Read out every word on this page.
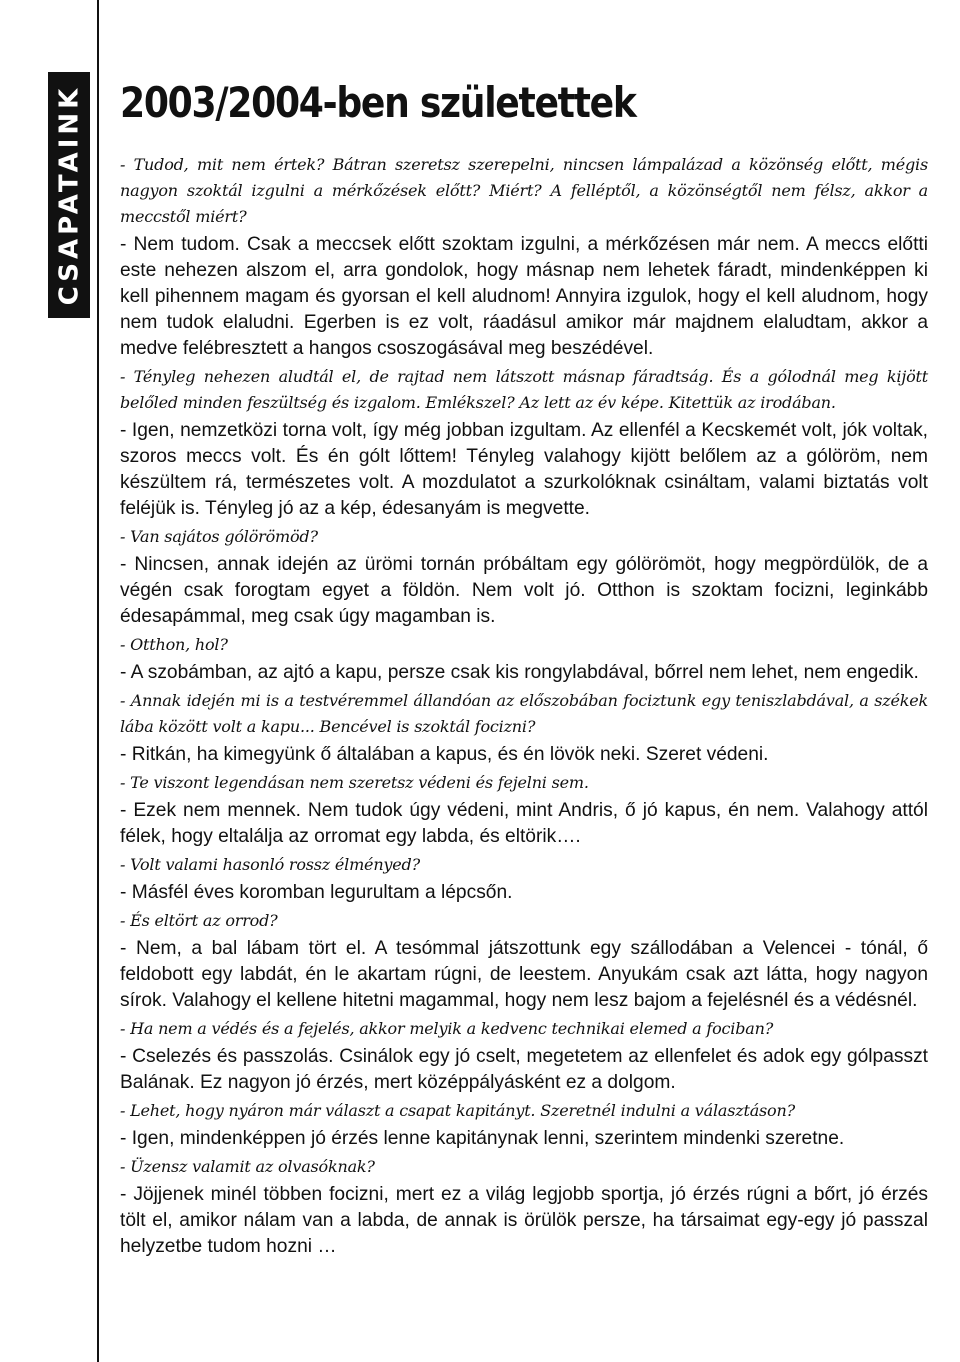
CSAPATAINK 2003/2004-ben születettek

- Tudod, mit nem értek? Bátran szeretsz szerepelni, nincsen lámpalázad a közönség előtt, mégis nagyon szoktál izgulni a mérkőzések előtt? Miért? A felléptől, a közönségtől nem félsz, akkor a meccstől miért?

- Nem tudom. Csak a meccsek előtt szoktam izgulni, a mérkőzésen már nem. A meccs előtti este nehezen alszom el, arra gondolok, hogy másnap nem lehetek fáradt, mindenképpen ki kell pihennem magam és gyorsan el kell aludnom! Annyira izgulok, hogy el kell aludnom, hogy nem tudok elaludni. Egerben is ez volt, ráadásul amikor már majdnem elaludtam, akkor a medve felébresztett a hangos csoszogásával meg beszédével.

- Tényleg nehezen aludtál el, de rajtad nem látszott másnap fáradtság. És a gólodnál meg kijött belőled minden feszültség és izgalom. Emlékszel? Az lett az év képe. Kitettük az irodában.

- Igen, nemzetközi torna volt, így még jobban izgultam. Az ellenfél a Kecskemét volt, jók voltak, szoros meccs volt. És én gólt lőttem! Tényleg valahogy kijött belőlem az a gólöröm, nem készültem rá, természetes volt. A mozdulatot a szurkolóknak csináltam, valami biztatás volt feléjük is. Tényleg jó az a kép, édesanyám is megvette.

- Van sajátos gólörömöd?

- Nincsen, annak idején az ürömi tornán próbáltam egy gólörömöt, hogy megpördülök, de a végén csak forogtam egyet a földön. Nem volt jó. Otthon is szoktam focizni, leginkább édesapámmal, meg csak úgy magamban is.

- Otthon, hol?

- A szobámban, az ajtó a kapu, persze csak kis rongylabdával, bőrrel nem lehet, nem engedik.

- Annak idején mi is a testvéremmel állandóan az előszobában fociztunk egy teniszlabdával, a székek lába között volt a kapu... Bencével is szoktál focizni?

- Ritkán, ha kimegyünk ő általában a kapus, és én lövök neki. Szeret védeni.

- Te viszont legendásan nem szeretsz védeni és fejelni sem.

- Ezek nem mennek. Nem tudok úgy védeni, mint Andris, ő jó kapus, én nem. Valahogy attól félek, hogy eltalálja az orromat egy labda, és eltörik….

- Volt valami hasonló rossz élményed?

- Másfél éves koromban legurultam a lépcsőn.

- És eltört az orrod?

- Nem, a bal lábam tört el. A tesómmal játszottunk egy szállodában a Velencei - tónál, ő feldobott egy labdát, én le akartam rúgni, de leestem. Anyukám csak azt látta, hogy nagyon sírok. Valahogy el kellene hitetni magammal, hogy nem lesz bajom a fejelésnél és a védésnél.

- Ha nem a védés és a fejelés, akkor melyik a kedvenc technikai elemed a fociban?

- Cselezés és passzolás. Csinálok egy jó cselt, megetetem az ellenfelet és adok egy gólpasszt Balának. Ez nagyon jó érzés, mert középpályásként ez a dolgom.

- Lehet, hogy nyáron már választ a csapat kapitányt. Szeretnél indulni a választáson?

- Igen, mindenképpen jó érzés lenne kapitánynak lenni, szerintem mindenki szeretne.

- Üzensz valamit az olvasóknak?

- Jöjjenek minél többen focizni, mert ez a világ legjobb sportja, jó érzés rúgni a bőrt, jó érzés tölt el, amikor nálam van a labda, de annak is örülök persze, ha társaimat egy-egy jó passzal helyzetbe tudom hozni …
